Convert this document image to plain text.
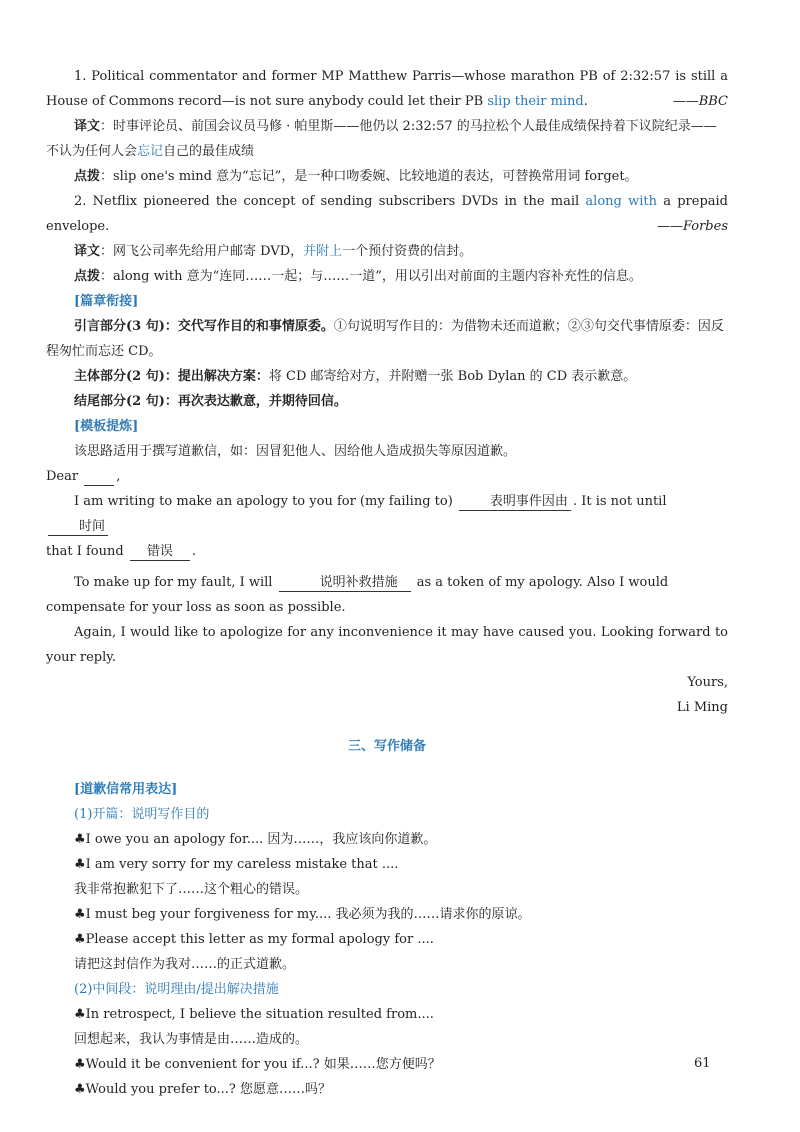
1. Political commentator and former MP Matthew Parris—whose marathon PB of 2:32:57 is still a

House of Commons record—is not sure anybody could let their PB slip their mind.	——BBC

译文：时事评论员、前国会议员马修 · 帕里斯——他仍以 2:32:57 的马拉松个人最佳成绩保持着下议院纪录——不认为任何人会忘记自己的最佳成绩

点拨：slip one's mind 意为“忘记”，是一种口吻委婉、比较地道的表达，可替换常用词 forget。

2. Netflix pioneered the concept of sending subscribers DVDs in the mail along with a prepaid

envelope.	——Forbes

译文：网飞公司率先给用户邮寄 DVD，并附上一个预付资费的信封。

点拨：along with 意为“连同……一起；与……一道”，用以引出对前面的主题内容补充性的信息。

[篇章衔接]

引言部分(3 句)：交代写作目的和事情原委。①句说明写作目的：为借物未还而道歉；②③句交代事情原委：因反程匆忙而忘还 CD。

主体部分(2 句)：提出解决方案：将 CD 邮寄给对方，并附赠一张 Bob Dylan 的 CD 表示歉意。

结尾部分(2 句)：再次表达歉意，并期待回信。

[模板提炼]

该思路适用于撰写道歉信，如：因冒犯他人、因给他人造成损失等原因道歉。

Dear	,

I am writing to make an apology to you for (my failing to)	表明事件因由 . It is not until 时间

that I found 错误 .

To make up for my fault, I will	说明补救措施 as a token of my apology. Also I would

compensate for your loss as soon as possible.

Again, I would like to apologize for any inconvenience it may have caused you. Looking forward to

your reply.

Yours,

Li Ming

三、写作储备

[道歉信常用表达]

(1)开篇：说明写作目的

♣I owe you an apology for.... 因为……，我应该向你道歉。

♣I am very sorry for my careless mistake that ....

我非常抱歉犯下了……这个粗心的错误。

♣I must beg your forgiveness for my.... 我必须为我的……请求你的原谅。

♣Please accept this letter as my formal apology for ....

请把这封信作为我对……的正式道歉。

(2)中间段：说明理由/提出解决措施

♣In retrospect, I believe the situation resulted from....

回想起来，我认为事情是由……造成的。

♣Would it be convenient for you if...? 如果……您方便吗？

♣Would you prefer to...? 您愿意……吗？

61
